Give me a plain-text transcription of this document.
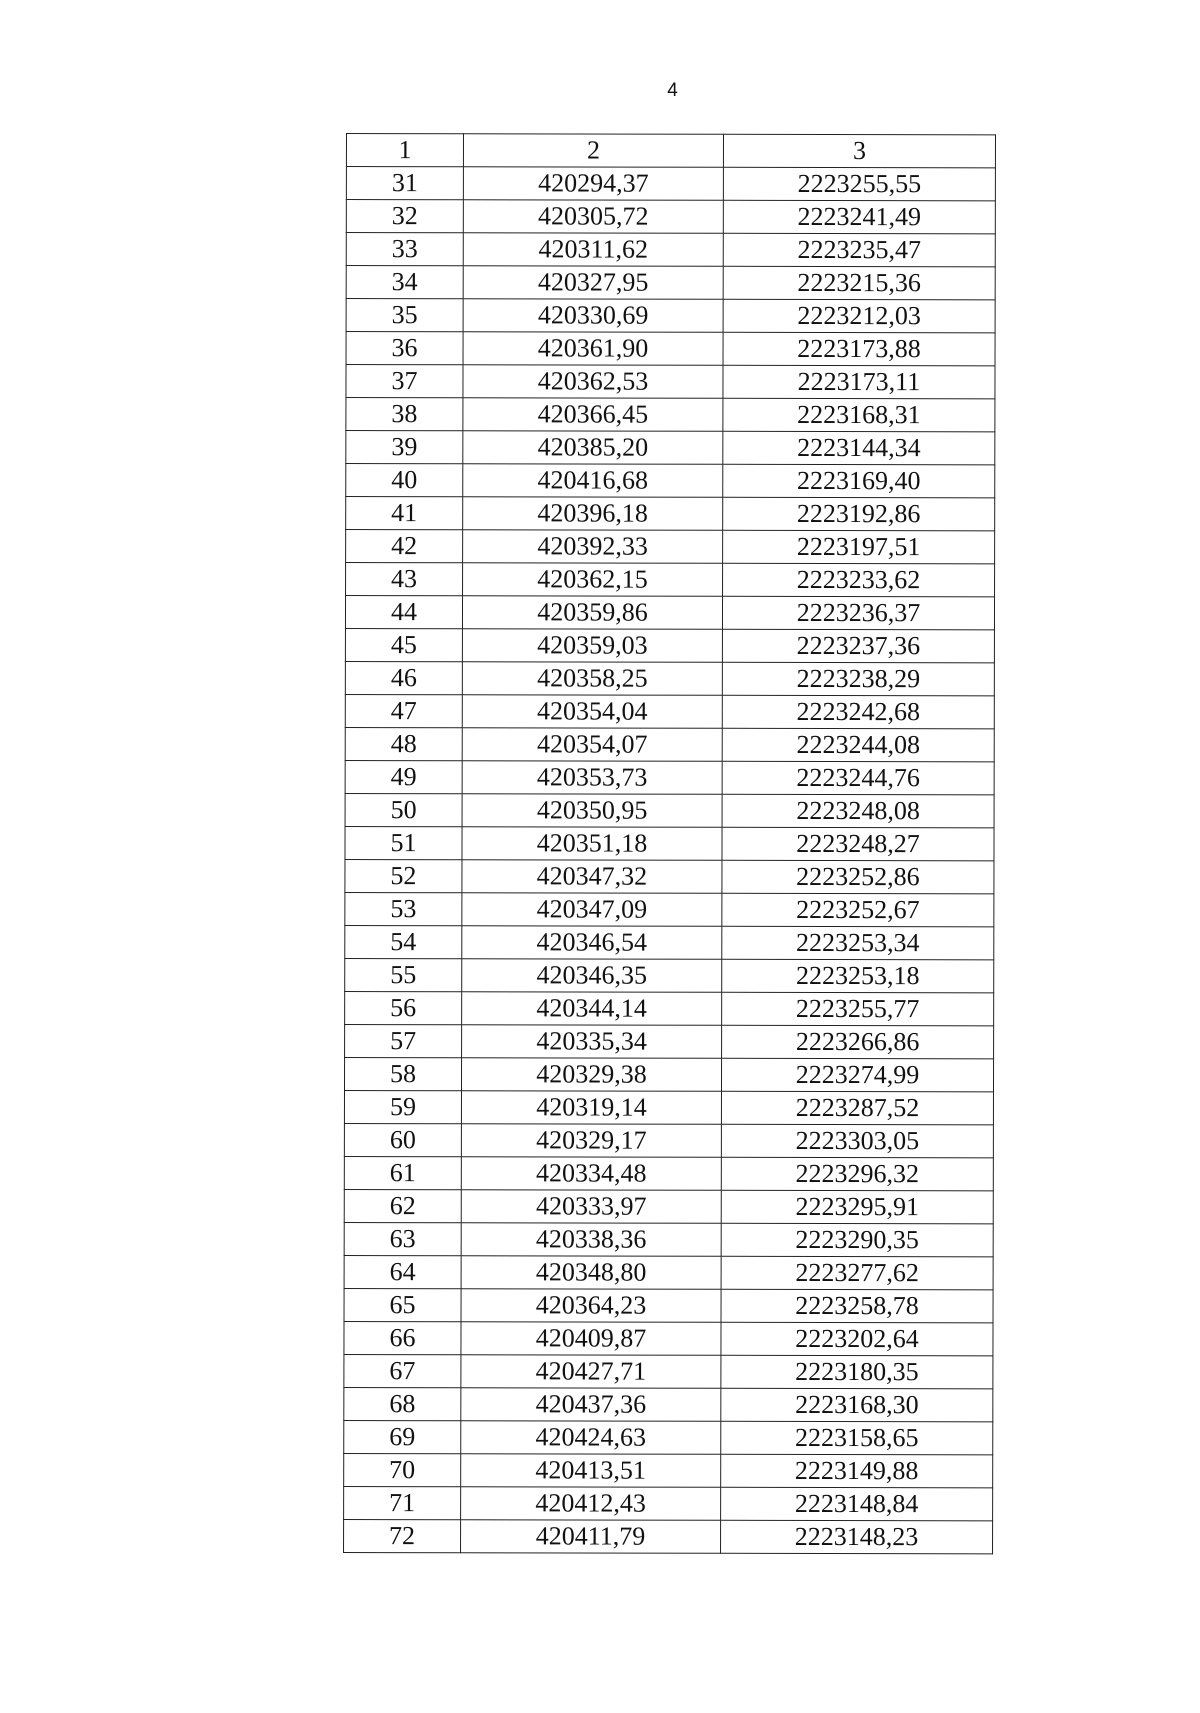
4
1	2	3
31	420294,37	2223255,55
32	420305,72	2223241,49
33	420311,62	2223235,47
34	420327,95	2223215,36
35	420330,69	2223212,03
36	420361,90	2223173,88
37	420362,53	2223173,11
38	420366,45	2223168,31
39	420385,20	2223144,34
40	420416,68	2223169,40
41	420396,18	2223192,86
42	420392,33	2223197,51
43	420362,15	2223233,62
44	420359,86	2223236,37
45	420359,03	2223237,36
46	420358,25	2223238,29
47	420354,04	2223242,68
48	420354,07	2223244,08
49	420353,73	2223244,76
50	420350,95	2223248,08
51	420351,18	2223248,27
52	420347,32	2223252,86
53	420347,09	2223252,67
54	420346,54	2223253,34
55	420346,35	2223253,18
56	420344,14	2223255,77
57	420335,34	2223266,86
58	420329,38	2223274,99
59	420319,14	2223287,52
60	420329,17	2223303,05
61	420334,48	2223296,32
62	420333,97	2223295,91
63	420338,36	2223290,35
64	420348,80	2223277,62
65	420364,23	2223258,78
66	420409,87	2223202,64
67	420427,71	2223180,35
68	420437,36	2223168,30
69	420424,63	2223158,65
70	420413,51	2223149,88
71	420412,43	2223148,84
72	420411,79	2223148,23
